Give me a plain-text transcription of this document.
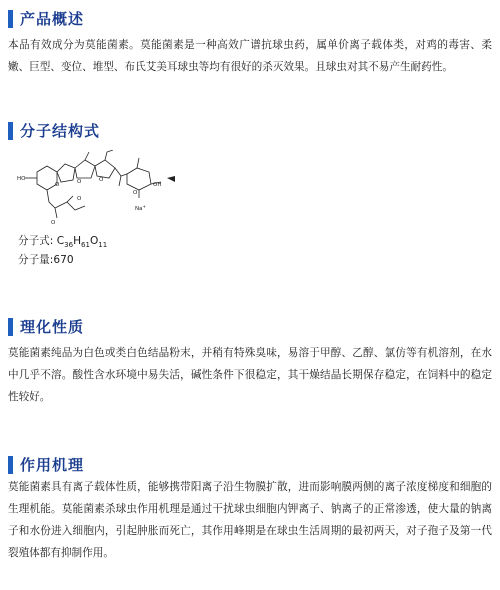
产品概述

本品有效成分为莫能菌素。莫能菌素是一种高效广谱抗球虫药，属单价离子载体类，对鸡的毒害、柔嫩、巨型、变位、堆型、布氏艾美耳球虫等均有很好的杀灭效果。且球虫对其不易产生耐药性。

分子结构式
HO
O	O	O
O
OH
O
O
Na+
分子式: $C_{36}H_{61}O_{11}$
分子量:670
理化性质

莫能菌素纯品为白色或类白色结晶粉末，并稍有特殊臭味，易溶于甲醇、乙醇、氯仿等有机溶剂，在水中几乎不溶。酸性含水环境中易失活，碱性条件下很稳定，其干燥结晶长期保存稳定，在饲料中的稳定性较好。

作用机理

莫能菌素具有离子载体性质，能够携带阳离子沿生物膜扩散，进而影响膜两侧的离子浓度梯度和细胞的生理机能。莫能菌素杀球虫作用机理是通过干扰球虫细胞内钾离子、钠离子的正常渗透，使大量的钠离子和水份进入细胞内，引起肿胀而死亡，其作用峰期是在球虫生活周期的最初两天，对子孢子及第一代裂殖体都有抑制作用。
